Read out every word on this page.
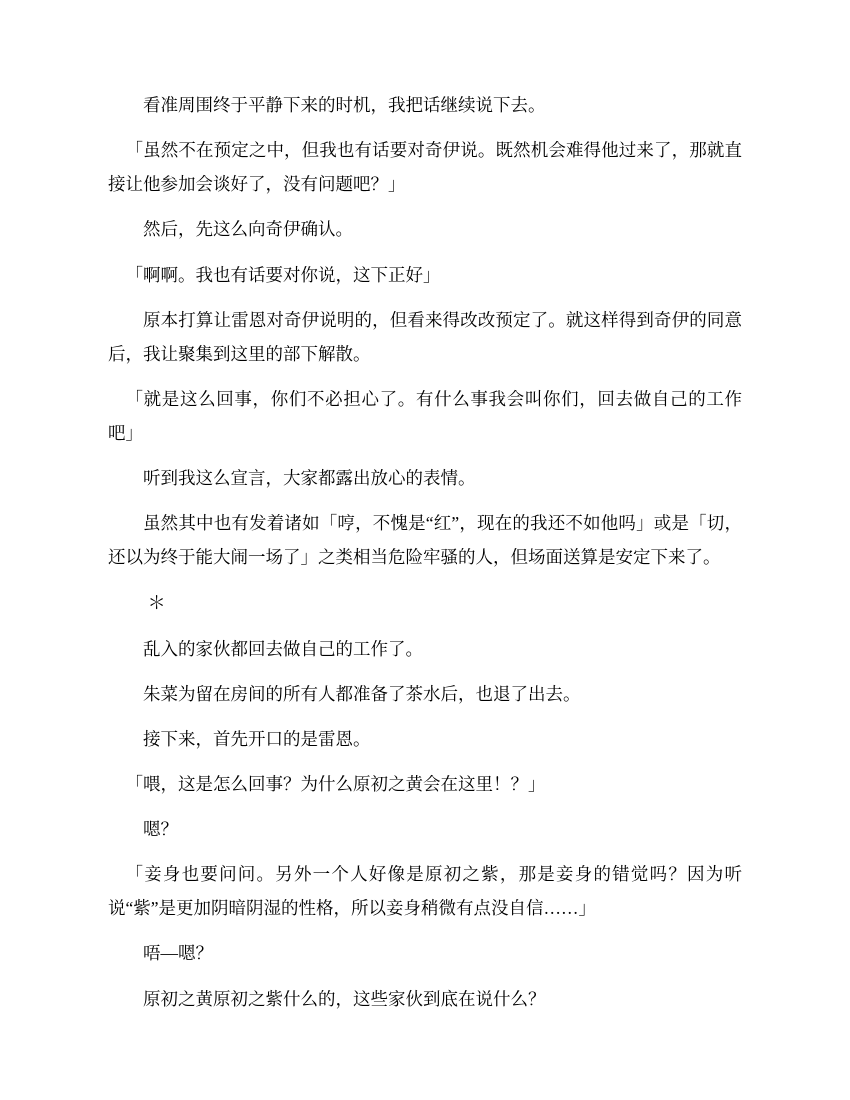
看准周围终于平静下来的时机，我把话继续说下去。

「虽然不在预定之中，但我也有话要对奇伊说。既然机会难得他过来了，那就直接让他参加会谈好了，没有问题吧？」

然后，先这么向奇伊确认。

「啊啊。我也有话要对你说，这下正好」

原本打算让雷恩对奇伊说明的，但看来得改改预定了。就这样得到奇伊的同意后，我让聚集到这里的部下解散。

「就是这么回事，你们不必担心了。有什么事我会叫你们，回去做自己的工作吧」

听到我这么宣言，大家都露出放心的表情。

虽然其中也有发着诸如「哼，不愧是“红”，现在的我还不如他吗」或是「切，还以为终于能大闹一场了」之类相当危险牢骚的人，但场面送算是安定下来了。

＊

乱入的家伙都回去做自己的工作了。

朱菜为留在房间的所有人都准备了茶水后，也退了出去。

接下来，首先开口的是雷恩。

「喂，这是怎么回事？为什么原初之黄会在这里！？」

嗯？

「妾身也要问问。另外一个人好像是原初之紫，那是妾身的错觉吗？因为听说“紫”是更加阴暗阴湿的性格，所以妾身稍微有点没自信……」

唔—嗯？

原初之黄原初之紫什么的，这些家伙到底在说什么？
